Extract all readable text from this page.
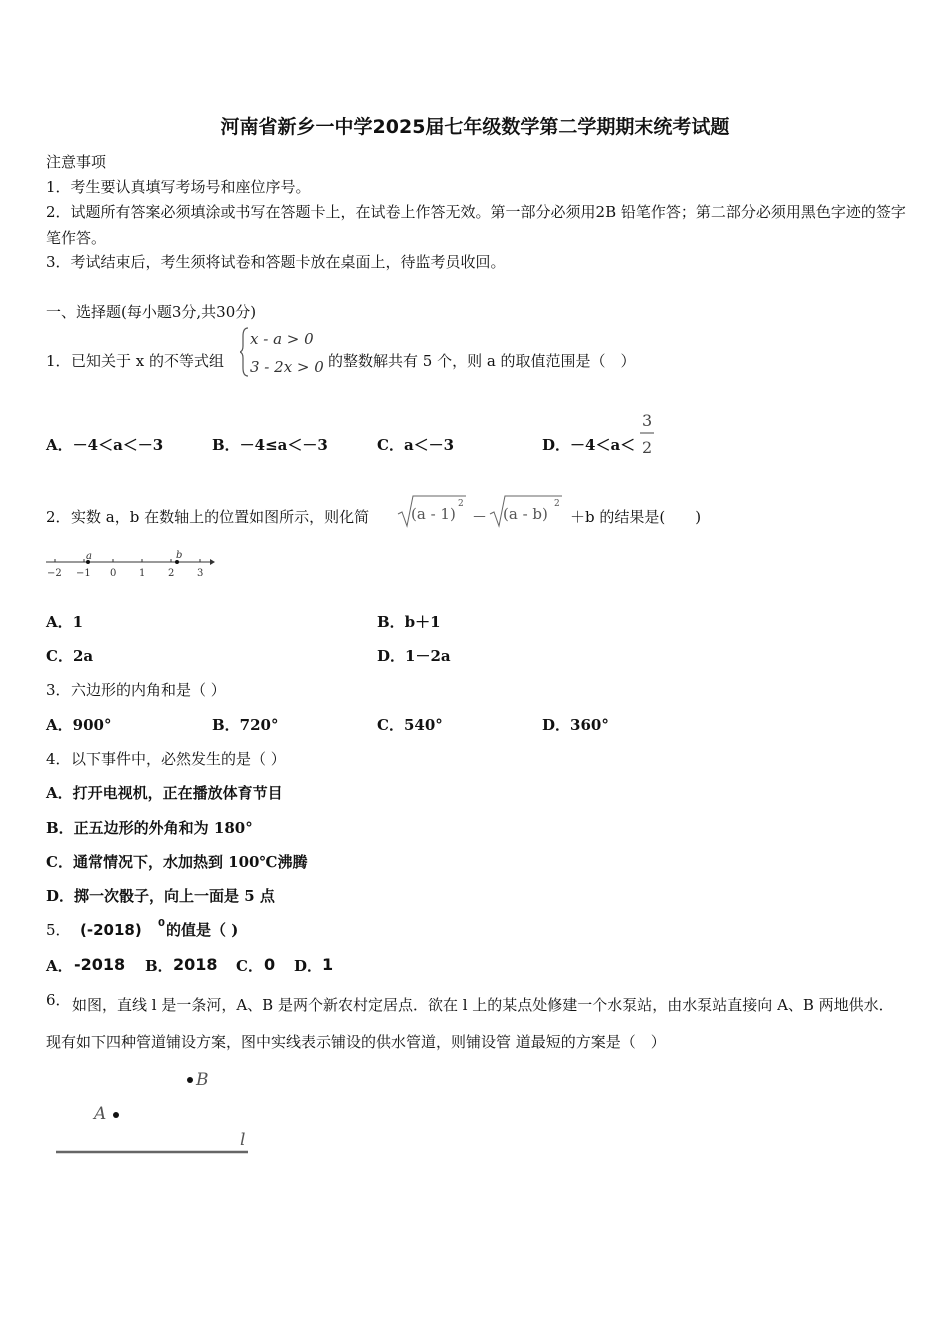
河南省新乡一中学2025届七年级数学第二学期期末统考试题
注意事项
1．考生要认真填写考场号和座位序号。
2．试题所有答案必须填涂或书写在答题卡上，在试卷上作答无效。第一部分必须用2B 铅笔作答；第二部分必须用黑色字迹的签字笔作答。
3．考试结束后，考生须将试卷和答题卡放在桌面上，待监考员收回。
一、选择题(每小题3分,共30分)
1． 已知关于 x 的不等式组
x - a > 0
3 - 2x > 0 的整数解共有 5 个，则 a 的取值范围是（　）
A．－4＜a＜－3	B．－4≤a＜－3	C．a＜－3	D．－4＜a＜
3
2
2． 实数 a，b 在数轴上的位置如图所示，则化简	(a - 1)
2
－ (a - b)
2
＋b 的结果是(　　)
−2 −1 0 1 2 3
a	b
A．1	B．b＋1
C．2a	D．1－2a
3． 六边形的内角和是（ ）
A．900°	B．720°	C．540°	D．360°
4． 以下事件中，必然发生的是（ ）
A．打开电视机，正在播放体育节目
B．正五边形的外角和为 180°
C．通常情况下，水加热到 100℃沸腾
D．掷一次骰子，向上一面是 5 点
5． (-2018) 0 的值是（ )
A． -2018 B． 2018 C． 0 D． 1
6． 如图，直线 l 是一条河，A、B 是两个新农村定居点．欲在 l 上的某点处修建一个水泵站，由水泵站直接向 A、B 两地供水．现有如下四种管道铺设方案，图中实线表示铺设的供水管道，则铺设管 道最短的方案是（　）
B
A
l
